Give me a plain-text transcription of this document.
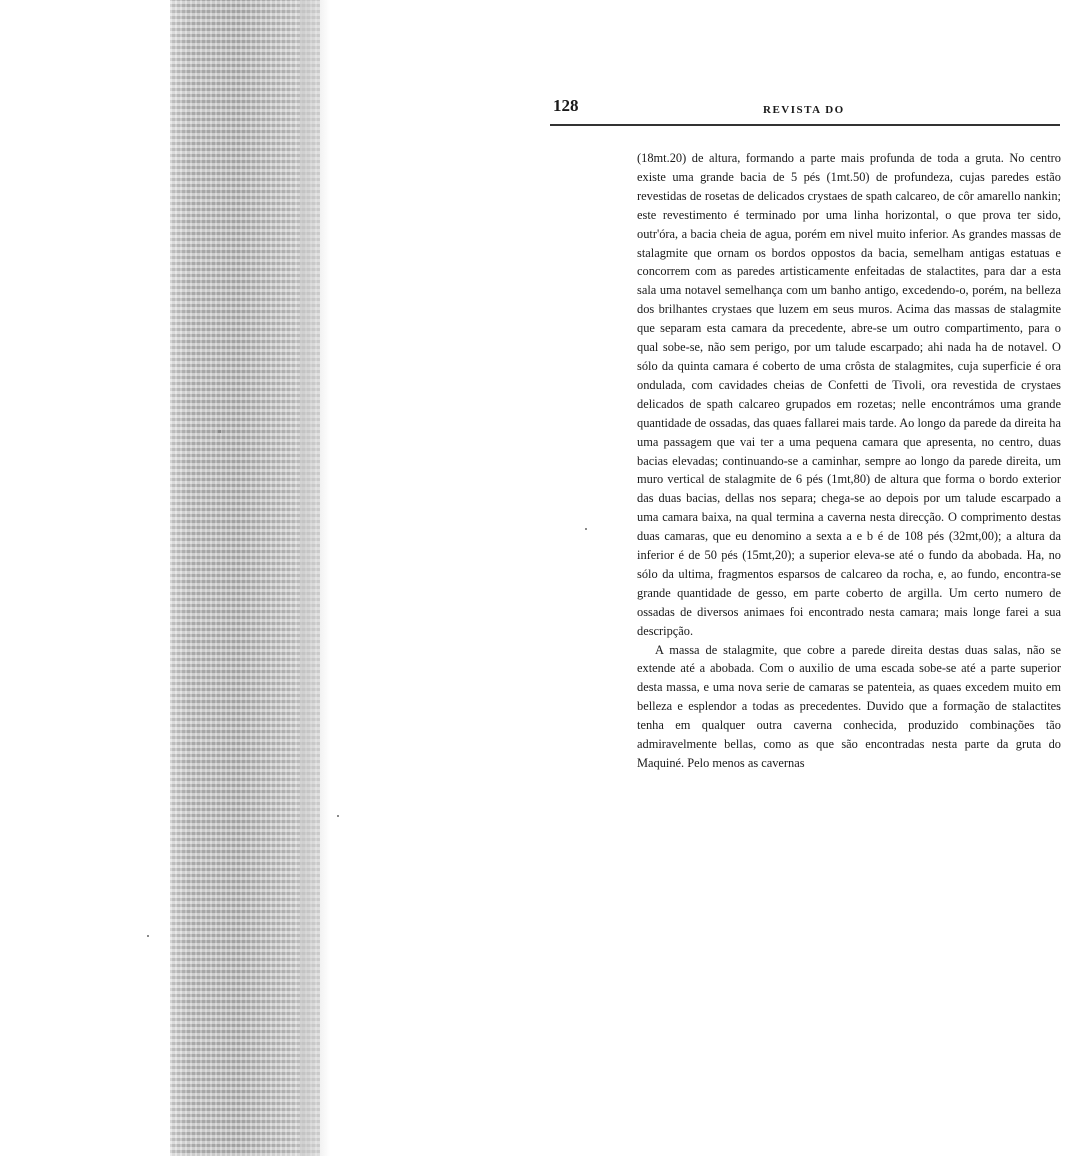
128	REVISTA DO

(18mt.20) de altura, formando a parte mais profunda de toda a gruta. No centro existe uma grande bacia de 5 pés (1mt.50) de profundeza, cujas paredes estão revestidas de rosetas de delicados crystaes de spath calcareo, de côr amarello nankin; este revestimento é terminado por uma linha horizontal, o que prova ter sido, outr'óra, a bacia cheia de agua, porém em nivel muito inferior. As grandes massas de stalagmite que ornam os bordos oppostos da bacia, semelham antigas estatuas e concorrem com as paredes artisticamente enfeitadas de stalactites, para dar a esta sala uma notavel semelhança com um banho antigo, excedendo-o, porém, na belleza dos brilhantes crystaes que luzem em seus muros. Acima das massas de stalagmite que separam esta camara da precedente, abre-se um outro compartimento, para o qual sobe-se, não sem perigo, por um talude escarpado; ahi nada ha de notavel. O sólo da quinta camara é coberto de uma crôsta de stalagmites, cuja superficie é ora ondulada, com cavidades cheias de Confetti de Tivoli, ora revestida de crystaes delicados de spath calcareo grupados em rozetas; nelle encontrámos uma grande quantidade de ossadas, das quaes fallarei mais tarde. Ao longo da parede da direita ha uma passagem que vai ter a uma pequena camara que apresenta, no centro, duas bacias elevadas; continuando-se a caminhar, sempre ao longo da parede direita, um muro vertical de stalagmite de 6 pés (1mt,80) de altura que forma o bordo exterior das duas bacias, dellas nos separa; chega-se ao depois por um talude escarpado a uma camara baixa, na qual termina a caverna nesta direcção. O comprimento destas duas camaras, que eu denomino a sexta a e b é de 108 pés (32mt,00); a altura da inferior é de 50 pés (15mt,20); a superior eleva-se até o fundo da abobada. Ha, no sólo da ultima, fragmentos esparsos de calcareo da rocha, e, ao fundo, encontra-se grande quantidade de gesso, em parte coberto de argilla. Um certo numero de ossadas de diversos animaes foi encontrado nesta camara; mais longe farei a sua descripção.

A massa de stalagmite, que cobre a parede direita destas duas salas, não se extende até a abobada. Com o auxilio de uma escada sobe-se até a parte superior desta massa, e uma nova serie de camaras se patenteia, as quaes excedem muito em belleza e esplendor a todas as precedentes. Duvido que a formação de stalactites tenha em qualquer outra caverna conhecida, produzido combinações tão admiravelmente bellas, como as que são encontradas nesta parte da gruta do Maquiné. Pelo menos as cavernas
